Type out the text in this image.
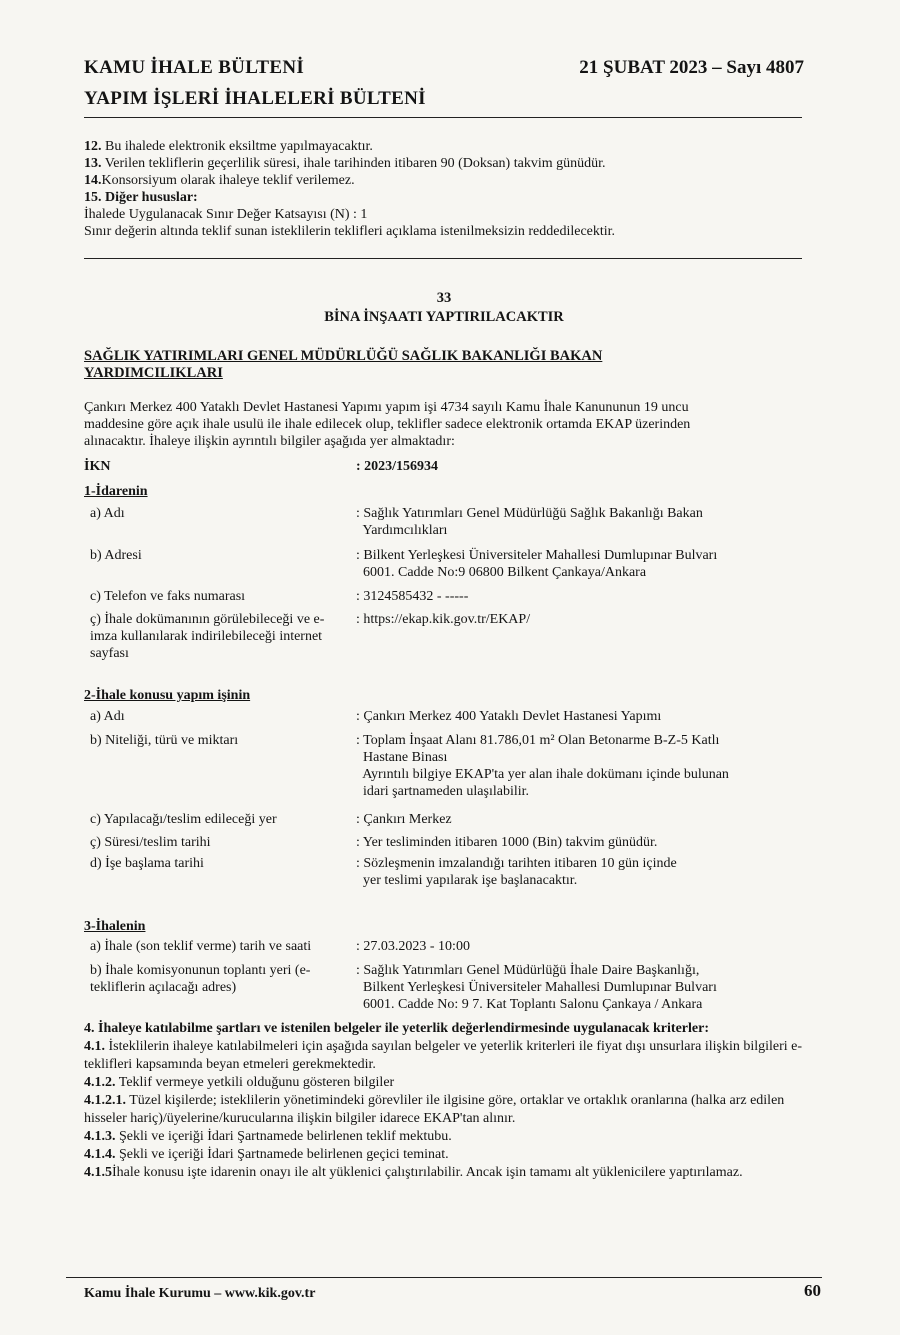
KAMU İHALE BÜLTENİ
YAPIM İŞLERİ İHALELERİ BÜLTENİ
21 ŞUBAT 2023 – Sayı 4807

12. Bu ihalede elektronik eksiltme yapılmayacaktır.

13. Verilen tekliflerin geçerlilik süresi, ihale tarihinden itibaren 90 (Doksan) takvim günüdür.

14.Konsorsiyum olarak ihaleye teklif verilemez.

15. Diğer hususlar:

İhalede Uygulanacak Sınır Değer Katsayısı (N) : 1

Sınır değerin altında teklif sunan isteklilerin teklifleri açıklama istenilmeksizin reddedilecektir.

33
BİNA İNŞAATI YAPTIRILACAKTIR
SAĞLIK YATIRIMLARI GENEL MÜDÜRLÜĞÜ SAĞLIK BAKANLIĞI BAKAN
YARDIMCILIKLARI

Çankırı Merkez 400 Yataklı Devlet Hastanesi Yapımı yapım işi 4734 sayılı Kamu İhale Kanununun 19 uncu

maddesine göre açık ihale usulü ile ihale edilecek olup, teklifler sadece elektronik ortamda EKAP üzerinden

alınacaktır. İhaleye ilişkin ayrıntılı bilgiler aşağıda yer almaktadır:

İKN	: 2023/156934
1-İdarenin
a) Adı	: Sağlık Yatırımları Genel Müdürlüğü Sağlık Bakanlığı Bakan
Yardımcılıkları
b) Adresi	: Bilkent Yerleşkesi Üniversiteler Mahallesi Dumlupınar Bulvarı
6001. Cadde No:9 06800 Bilkent Çankaya/Ankara
c) Telefon ve faks numarası	: 3124585432 - -----
ç) İhale dokümanının görülebileceği ve e-imza kullanılarak indirilebileceği internet sayfası
: https://ekap.kik.gov.tr/EKAP/
2-İhale konusu yapım işinin
a) Adı	: Çankırı Merkez 400 Yataklı Devlet Hastanesi Yapımı
b) Niteliği, türü ve miktarı	: Toplam İnşaat Alanı 81.786,01 m² Olan Betonarme B-Z-5 Katlı
Hastane Binası
Ayrıntılı bilgiye EKAP'ta yer alan ihale dokümanı içinde bulunan
idari şartnameden ulaşılabilir.
c) Yapılacağı/teslim edileceği yer	: Çankırı Merkez
ç) Süresi/teslim tarihi	: Yer tesliminden itibaren 1000 (Bin) takvim günüdür.
d) İşe başlama tarihi	: Sözleşmenin imzalandığı tarihten itibaren 10 gün içinde
yer teslimi yapılarak işe başlanacaktır.
3-İhalenin
a) İhale (son teklif verme) tarih ve saati	: 27.03.2023 - 10:00
b) İhale komisyonunun toplantı yeri (e-tekliflerin açılacağı adres)
: Sağlık Yatırımları Genel Müdürlüğü İhale Daire Başkanlığı,
Bilkent Yerleşkesi Üniversiteler Mahallesi Dumlupınar Bulvarı
6001. Cadde No: 9 7. Kat Toplantı Salonu Çankaya / Ankara

4. İhaleye katılabilme şartları ve istenilen belgeler ile yeterlik değerlendirmesinde uygulanacak kriterler:

4.1. İsteklilerin ihaleye katılabilmeleri için aşağıda sayılan belgeler ve yeterlik kriterleri ile fiyat dışı unsurlara ilişkin bilgileri e-teklifleri kapsamında beyan etmeleri gerekmektedir.

4.1.2. Teklif vermeye yetkili olduğunu gösteren bilgiler

4.1.2.1. Tüzel kişilerde; isteklilerin yönetimindeki görevliler ile ilgisine göre, ortaklar ve ortaklık oranlarına (halka arz edilen hisseler hariç)/üyelerine/kurucularına ilişkin bilgiler idarece EKAP'tan alınır.

4.1.3. Şekli ve içeriği İdari Şartnamede belirlenen teklif mektubu.

4.1.4. Şekli ve içeriği İdari Şartnamede belirlenen geçici teminat.

4.1.5İhale konusu işte idarenin onayı ile alt yüklenici çalıştırılabilir. Ancak işin tamamı alt yüklenicilere yaptırılamaz.

Kamu İhale Kurumu – www.kik.gov.tr	60
